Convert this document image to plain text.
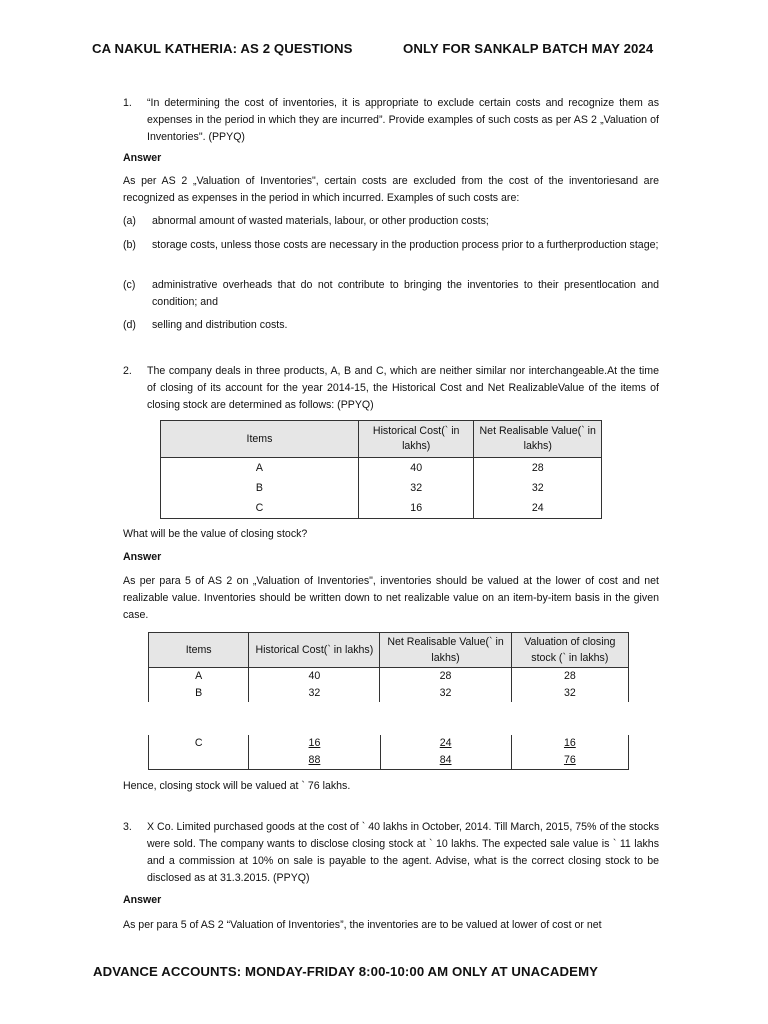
CA NAKUL KATHERIA: AS 2 QUESTIONS	ONLY FOR SANKALP BATCH MAY 2024
1. “In determining the cost of inventories, it is appropriate to exclude certain costs and recognize them as expenses in the period in which they are incurred”. Provide examples of such costs as per AS 2 „Valuation of Inventories". (PPYQ)
Answer
As per AS 2 „Valuation of Inventories", certain costs are excluded from the cost of the inventoriesand are recognized as expenses in the period in which incurred. Examples of such costs are:
(a) abnormal amount of wasted materials, labour, or other production costs;
(b) storage costs, unless those costs are necessary in the production process prior to a furtherproduction stage;
(c) administrative overheads that do not contribute to bringing the inventories to their presentlocation and condition; and
(d) selling and distribution costs.
2. The company deals in three products, A, B and C, which are neither similar nor interchangeable.At the time of closing of its account for the year 2014-15, the Historical Cost and Net RealizableValue of the items of closing stock are determined as follows: (PPYQ)
Items	Historical Cost(` in lakhs)	Net Realisable Value(` in lakhs)
A	40	28
B	32	32
C	16	24
What will be the value of closing stock?
Answer
As per para 5 of AS 2 on „Valuation of Inventories", inventories should be valued at the lower of cost and net realizable value. Inventories should be written down to net realizable value on an item-by-item basis in the given case.
Items	Historical Cost(` in lakhs)	Net Realisable Value(` in lakhs)	Valuation of closing stock (` in lakhs)
A	40	28	28
B	32	32	32
C	16	24	16
	88	84	76
Hence, closing stock will be valued at ` 76 lakhs.
3. X Co. Limited purchased goods at the cost of ` 40 lakhs in October, 2014. Till March, 2015, 75% of the stocks were sold. The company wants to disclose closing stock at ` 10 lakhs. The expected sale value is ` 11 lakhs and a commission at 10% on sale is payable to the agent. Advise, what is the correct closing stock to be disclosed as at 31.3.2015. (PPYQ)
Answer
As per para 5 of AS 2 “Valuation of Inventories”, the inventories are to be valued at lower of cost or net
ADVANCE ACCOUNTS: MONDAY-FRIDAY 8:00-10:00 AM ONLY AT UNACADEMY
